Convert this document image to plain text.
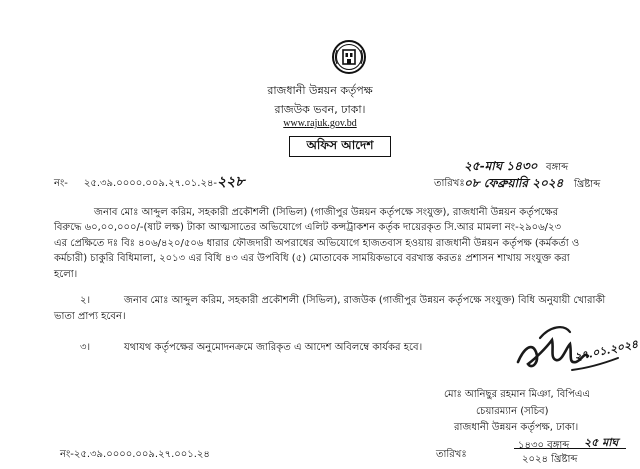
রাজধানী উন্নয়ন কর্তৃপক্ষ
রাজউক ভবন, ঢাকা।
www.rajuk.gov.bd
অফিস আদেশ
নং- ২৫.৩৯.০০০০.০০৯.২৭.০১.২৪-২২৮	তারিখঃ
২৫-মাঘ ১৪৩০ বঙ্গাব্দ
০৮ ফেব্রুয়ারি ২০২৪ খ্রিষ্টাব্দ

জনাব মোঃ আব্দুল করিম, সহকারী প্রকৌশলী (সিভিল) (গাজীপুর উন্নয়ন কর্তৃপক্ষে সংযুক্ত), রাজধানী উন্নয়ন কর্তৃপক্ষের

বিরুদ্ধে ৬০,০০,০০০/-(ষাট লক্ষ) টাকা আত্মসাতের অভিযোগে এলিট কন্সট্রাকশন কর্তৃক দায়েরকৃত সি.আর মামলা নং-২৯০৬/২৩

এর প্রেক্ষিতে দঃ বিঃ ৪০৬/৪২০/৫০৬ ধারার ফৌজদারী অপরাধের অভিযোগে হাজতবাস হওয়ায় রাজধানী উন্নয়ন কর্তৃপক্ষ (কর্মকর্তা ও

কর্মচারী) চাকুরি বিধিমালা, ২০১৩ এর বিধি ৪৩ এর উপবিধি (৫) মোতাবেক সাময়িকভাবে বরখাস্ত করতঃ প্রশাসন শাখায় সংযুক্ত করা

হলো।

২।	জনাব মোঃ আব্দুল করিম, সহকারী প্রকৌশলী (সিভিল), রাজউক (গাজীপুর উন্নয়ন কর্তৃপক্ষে সংযুক্ত) বিধি অনুযায়ী খোরাকী

ভাতা প্রাপ্য হবেন।

৩।	যথাযথ কর্তৃপক্ষের অনুমোদনক্রমে জারিকৃত এ আদেশ অবিলম্বে কার্যকর হবে।	২৭.০১.২০২৪
মোঃ আনিছুর রহমান মিঞা, বিপিএএ
চেয়ারম্যান (সচিব)
রাজধানী উন্নয়ন কর্তৃপক্ষ, ঢাকা।
নং-২৫.৩৯.০০০০.০০৯.২৭.০০১.২৪	তারিখঃ
১৪৩০ বঙ্গাব্দ ২৫ মাঘ
২০২৪ খ্রিষ্টাব্দ
